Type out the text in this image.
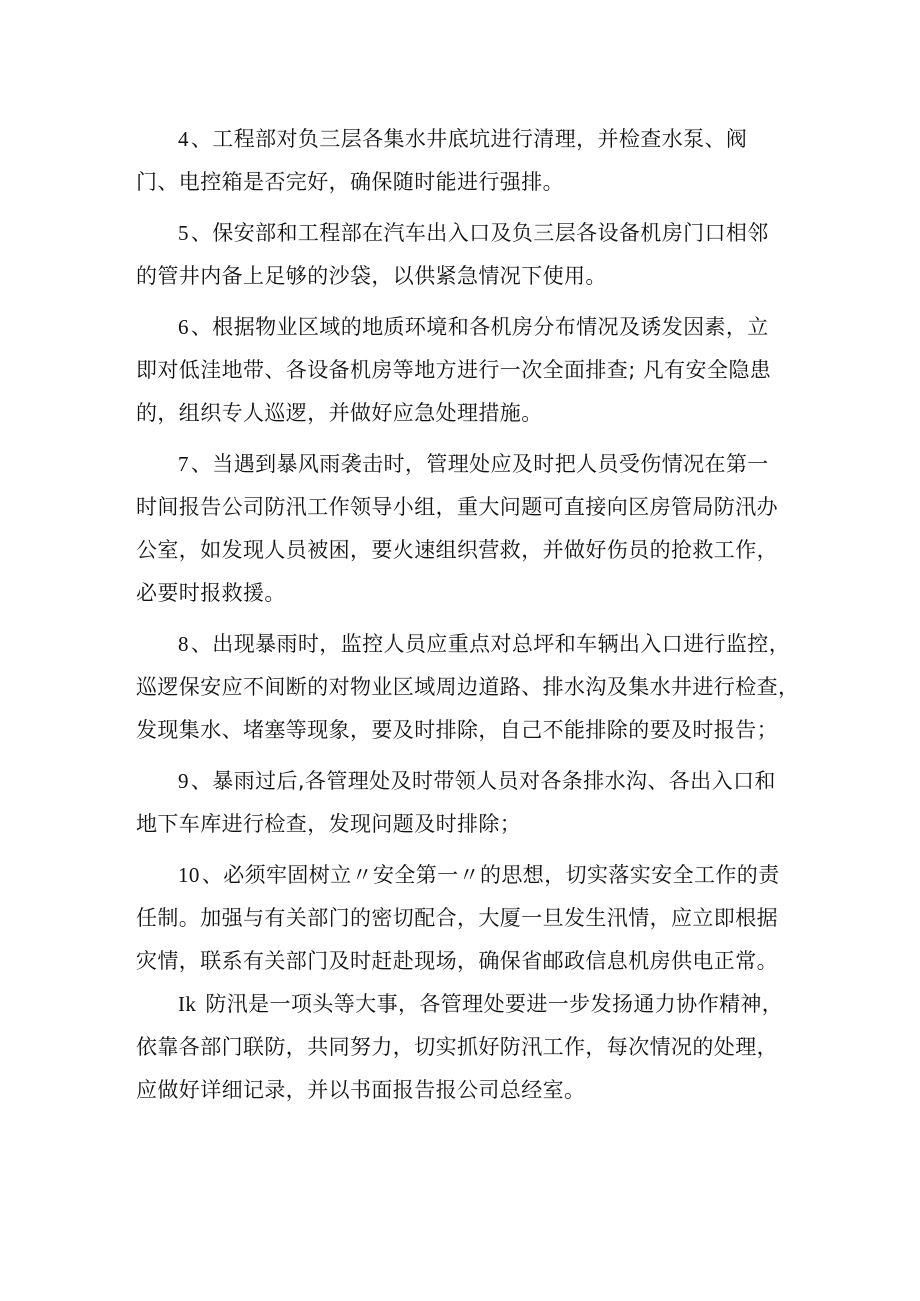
4、工程部对负三层各集水井底坑进行清理，并检查水泵、阀
门、电控箱是否完好，确保随时能进行强排。
5、保安部和工程部在汽车出入口及负三层各设备机房门口相邻
的管井内备上足够的沙袋，以供紧急情况下使用。
6、根据物业区域的地质环境和各机房分布情况及诱发因素，立
即对低洼地带、各设备机房等地方进行一次全面排查; 凡有安全隐患
的，组织专人巡逻，并做好应急处理措施。
7、当遇到暴风雨袭击时，管理处应及时把人员受伤情况在第一
时间报告公司防汛工作领导小组，重大问题可直接向区房管局防汛办
公室，如发现人员被困，要火速组织营救，并做好伤员的抢救工作，
必要时报救援。
8、出现暴雨时，监控人员应重点对总坪和车辆出入口进行监控，
巡逻保安应不间断的对物业区域周边道路、排水沟及集水井进行检查，
发现集水、堵塞等现象，要及时排除，自己不能排除的要及时报告；
9、暴雨过后,各管理处及时带领人员对各条排水沟、各出入口和
地下车库进行检查，发现问题及时排除；
10、必须牢固树立〃安全第一〃的思想，切实落实安全工作的责
任制。加强与有关部门的密切配合，大厦一旦发生汛情，应立即根据
灾情，联系有关部门及时赶赴现场，确保省邮政信息机房供电正常。
Ik 防汛是一项头等大事，各管理处要进一步发扬通力协作精神，
依靠各部门联防，共同努力，切实抓好防汛工作，每次情况的处理，
应做好详细记录，并以书面报告报公司总经室。
